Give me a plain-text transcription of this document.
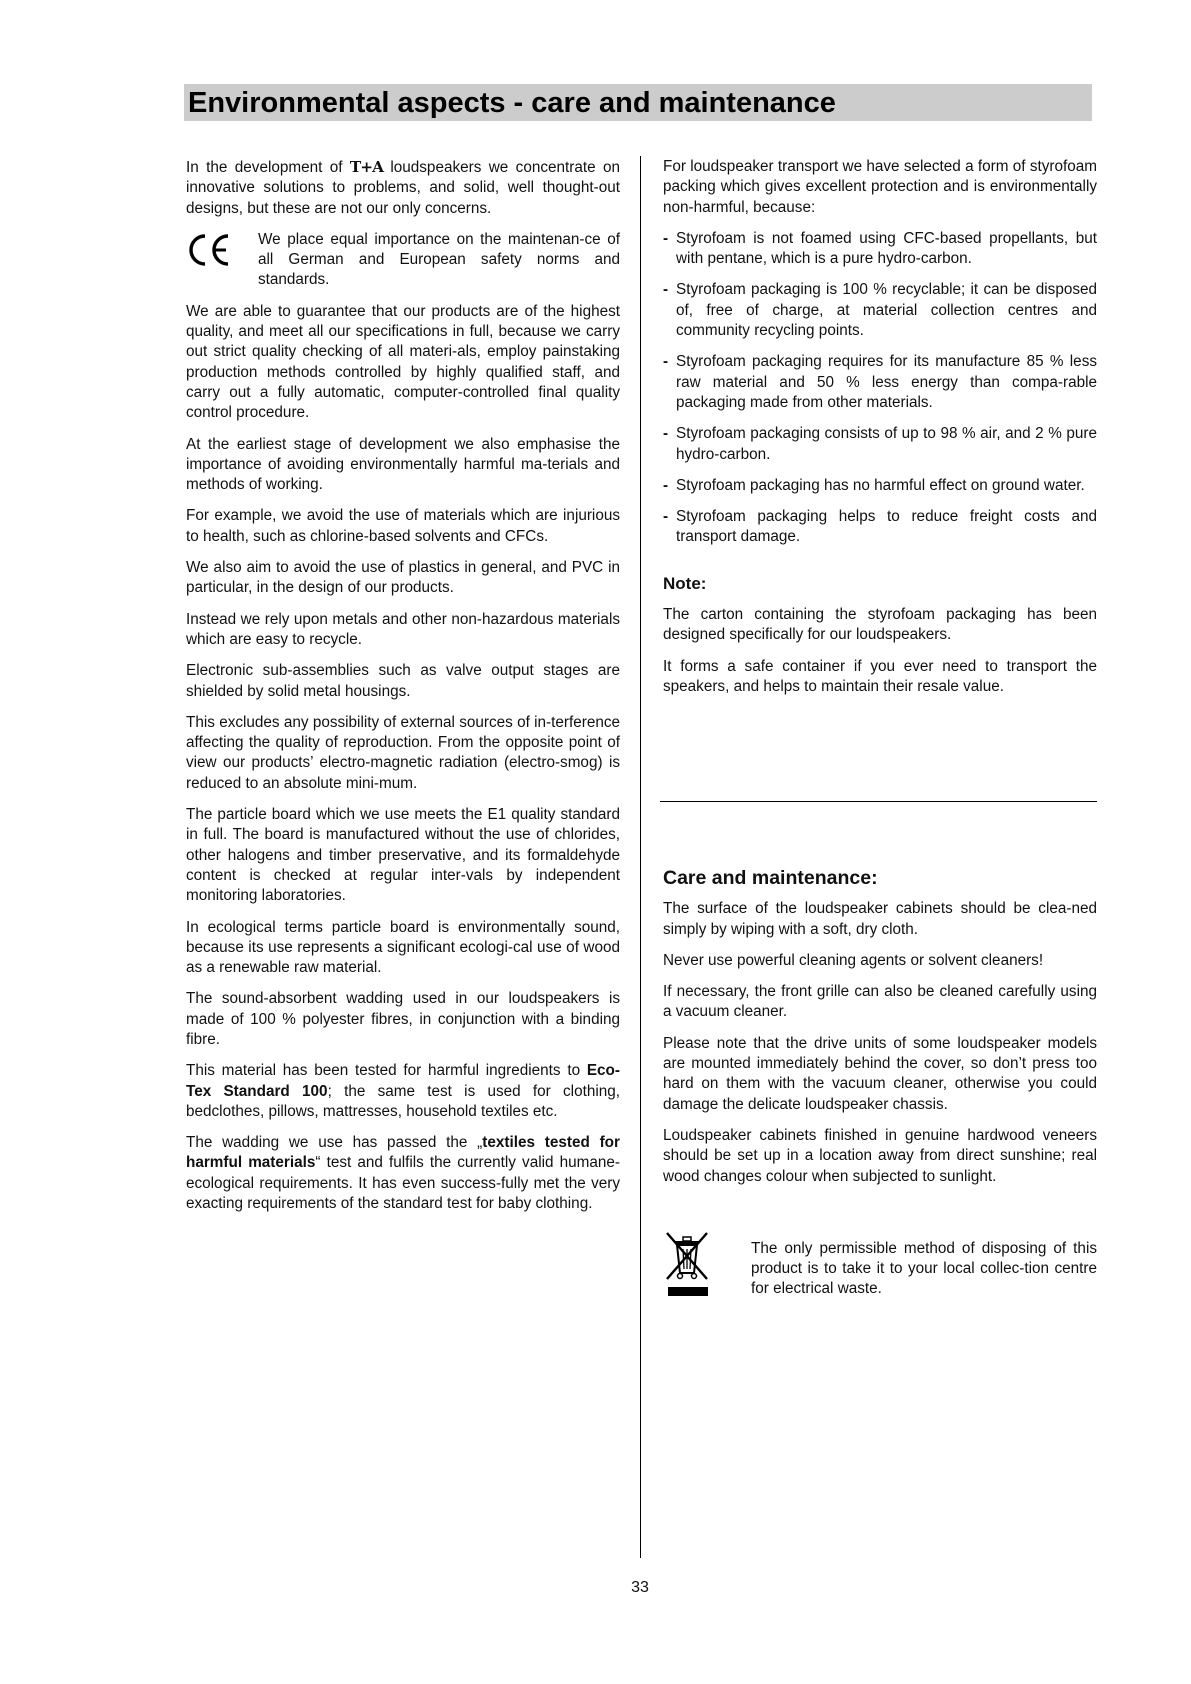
Environmental aspects - care and maintenance

In the development of T+A loudspeakers we concentrate on innovative solutions to problems, and solid, well thought-out designs, but these are not our only concerns.

We place equal importance on the maintenan-ce of all German and European safety norms and standards.

We are able to guarantee that our products are of the highest quality, and meet all our specifications in full, because we carry out strict quality checking of all materi-als, employ painstaking production methods controlled by highly qualified staff, and carry out a fully automatic, computer-controlled final quality control procedure.

At the earliest stage of development we also emphasise the importance of avoiding environmentally harmful ma-terials and methods of working.

For example, we avoid the use of materials which are injurious to health, such as chlorine-based solvents and CFCs.

We also aim to avoid the use of plastics in general, and PVC in particular, in the design of our products.

Instead we rely upon metals and other non-hazardous materials which are easy to recycle.

Electronic sub-assemblies such as valve output stages are shielded by solid metal housings.

This excludes any possibility of external sources of in-terference affecting the quality of reproduction. From the opposite point of view our products’ electro-magnetic radiation (electro-smog) is reduced to an absolute mini-mum.

The particle board which we use meets the E1 quality standard in full. The board is manufactured without the use of chlorides, other halogens and timber preservative, and its formaldehyde content is checked at regular inter-vals by independent monitoring laboratories.

In ecological terms particle board is environmentally sound, because its use represents a significant ecologi-cal use of wood as a renewable raw material.

The sound-absorbent wadding used in our loudspeakers is made of 100 % polyester fibres, in conjunction with a binding fibre.

This material has been tested for harmful ingredients to Eco-Tex Standard 100; the same test is used for clothing, bedclothes, pillows, mattresses, household textiles etc.

The wadding we use has passed the „textiles tested for harmful materials“ test and fulfils the currently valid humane-ecological requirements. It has even success-fully met the very exacting requirements of the standard test for baby clothing.

For loudspeaker transport we have selected a form of styrofoam packing which gives excellent protection and is environmentally non-harmful, because:

- Styrofoam is not foamed using CFC-based propellants, but with pentane, which is a pure hydro-carbon.
- Styrofoam packaging is 100 % recyclable; it can be disposed of, free of charge, at material collection centres and community recycling points.
- Styrofoam packaging requires for its manufacture 85 % less raw material and 50 % less energy than compa-rable packaging made from other materials.
- Styrofoam packaging consists of up to 98 % air, and 2 % pure hydro-carbon.
- Styrofoam packaging has no harmful effect on ground water.
- Styrofoam packaging helps to reduce freight costs and transport damage.
Note:

The carton containing the styrofoam packaging has been designed specifically for our loudspeakers.

It forms a safe container if you ever need to transport the speakers, and helps to maintain their resale value.

Care and maintenance:

The surface of the loudspeaker cabinets should be clea-ned simply by wiping with a soft, dry cloth.

Never use powerful cleaning agents or solvent cleaners!

If necessary, the front grille can also be cleaned carefully using a vacuum cleaner.

Please note that the drive units of some loudspeaker models are mounted immediately behind the cover, so don’t press too hard on them with the vacuum cleaner, otherwise you could damage the delicate loudspeaker chassis.

Loudspeaker cabinets finished in genuine hardwood veneers should be set up in a location away from direct sunshine; real wood changes colour when subjected to sunlight.

The only permissible method of disposing of this product is to take it to your local collec-tion centre for electrical waste.
33
